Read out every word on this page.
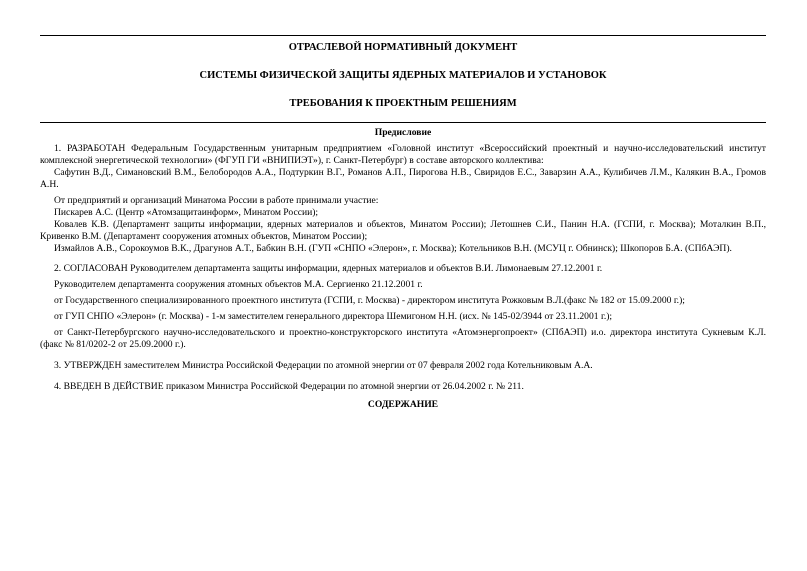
ОТРАСЛЕВОЙ НОРМАТИВНЫЙ ДОКУМЕНТ
СИСТЕМЫ ФИЗИЧЕСКОЙ ЗАЩИТЫ ЯДЕРНЫХ МАТЕРИАЛОВ И УСТАНОВОК
ТРЕБОВАНИЯ К ПРОЕКТНЫМ РЕШЕНИЯМ
Предисловие

1. РАЗРАБОТАН Федеральным Государственным унитарным предприятием «Головной институт «Всероссийский проектный и научно-исследовательский институт комплексной энергетической технологии» (ФГУП ГИ «ВНИПИЭТ»), г. Санкт-Петербург) в составе авторского коллектива:

Сафутин В.Д., Симановский В.М., Белобородов А.А., Подтуркин В.Г., Романов А.П., Пирогова Н.В., Свиридов Е.С., Заварзин А.А., Кулибичев Л.М., Калякин В.А., Громов А.Н.

От предприятий и организаций Минатома России в работе принимали участие:

Пискарев А.С. (Центр «Атомзащитаинформ», Минатом России);

Ковалев К.В. (Департамент защиты информации, ядерных материалов и объектов, Минатом России); Летошнев С.И., Панин Н.А. (ГСПИ, г. Москва); Моталкин В.П., Кривенко В.М. (Департамент сооружения атомных объектов, Минатом России);

Измайлов А.В., Сорокоумов В.К., Драгунов А.Т., Бабкин В.Н. (ГУП «СНПО «Элерон», г. Москва); Котельников В.Н. (МСУЦ г. Обнинск); Шкопоров Б.А. (СПбАЭП).

2. СОГЛАСОВАН Руководителем департамента защиты информации, ядерных материалов и объектов В.И. Лимонаевым 27.12.2001 г.

Руководителем департамента сооружения атомных объектов М.А. Сергиенко 21.12.2001 г.

от Государственного специализированного проектного института (ГСПИ, г. Москва) - директором института Рожковым В.Л.(факс № 182 от 15.09.2000 г.);

от ГУП СНПО «Элерон» (г. Москва) - 1-м заместителем генерального директора Шемигоном Н.Н. (исх. № 145-02/3944 от 23.11.2001 г.);

от Санкт-Петербургского научно-исследовательского и проектно-конструкторского института «Атомэнергопроект» (СПбАЭП) и.о. директора института Сукневым К.Л. (факс № 81/0202-2 от 25.09.2000 г.).

3. УТВЕРЖДЕН заместителем Министра Российской Федерации по атомной энергии от 07 февраля 2002 года Котельниковым А.А.

4. ВВЕДЕН В ДЕЙСТВИЕ приказом Министра Российской Федерации по атомной энергии от 26.04.2002 г. № 211.

СОДЕРЖАНИЕ
